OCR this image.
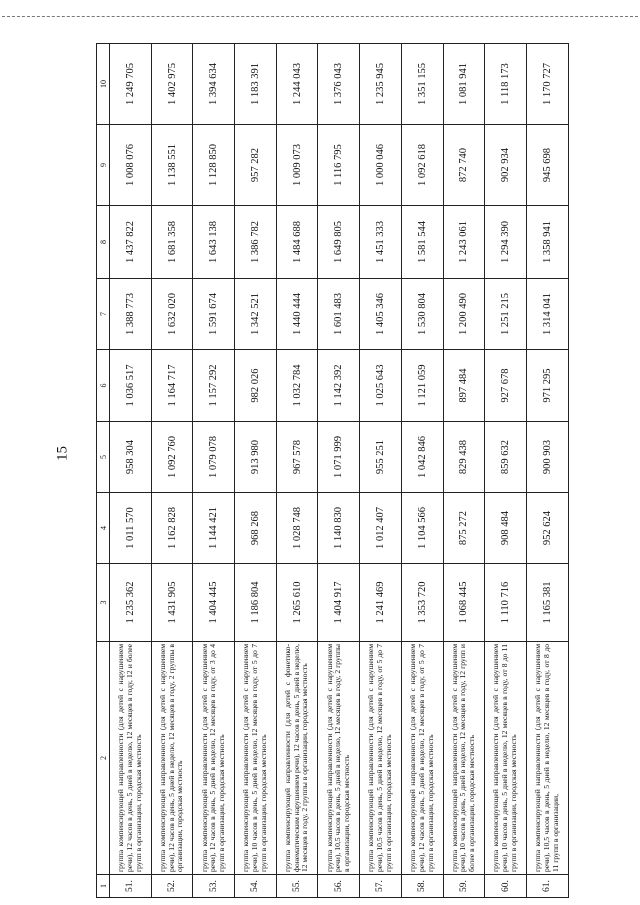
15
1	2	3	4	5	6	7	8	9	10
51.	группа компенсирующей направленности (для детей с нарушением речи), 12 часов в день, 5 дней в неделю, 12 месяцев в году, 12 и более групп в организации, городская местность	1 235 362	1 011 570	958 304	1 036 517	1 388 773	1 437 822	1 008 076	1 249 705
52.	группа компенсирующей направленности (для детей с нарушением речи), 12 часов в день, 5 дней в неделю, 12 месяцев в году, 2 группы в организации, городская местность	1 431 905	1 162 828	1 092 760	1 164 717	1 632 020	1 681 358	1 138 551	1 402 975
53.	группа компенсирующей направленности (для детей с нарушением речи), 12 часов в день, 5 дней в неделю, 12 месяцев в году, от 3 до 4 групп в организации, городская местность	1 404 445	1 144 421	1 079 078	1 157 292	1 591 674	1 643 138	1 128 850	1 394 634
54.	группа компенсирующей направленности (для детей с нарушением речи), 10 часов в день, 5 дней в неделю, 12 месяцев в году, от 5 до 7 групп в организации, городская местность	1 186 804	968 268	913 980	982 026	1 342 521	1 386 782	957 282	1 183 391
55.	группа компенсирующей направленности (для детей с фонетико-фонематическим нарушением речи), 12 часов в день, 5 дней в неделю, 12 месяцев в году, 2 группы в организации, городская местность	1 265 610	1 028 748	967 578	1 032 784	1 440 444	1 484 688	1 009 073	1 244 043
56.	группа компенсирующей направленности (для детей с нарушением речи), 10,5 часов в день, 5 дней в неделю, 12 месяцев в году, 2 группы в организации, городская местность	1 404 917	1 140 830	1 071 999	1 142 392	1 601 483	1 649 805	1 116 795	1 376 043
57.	группа компенсирующей направленности (для детей с нарушением речи), 10,5 часов в день, 5 дней в неделю, 12 месяцев в году, от 5 до 7 групп в организации, городская местность	1 241 469	1 012 407	955 251	1 025 643	1 405 346	1 451 333	1 000 046	1 235 945
58.	группа компенсирующей направленности (для детей с нарушением речи), 12 часов в день, 5 дней в неделю, 12 месяцев в году, от 5 до 7 групп в организации, городская местность	1 353 720	1 104 566	1 042 846	1 121 059	1 530 804	1 581 544	1 092 618	1 351 155
59.	группа компенсирующей направленности (для детей с нарушением речи), 10 часов в день, 5 дней в неделю, 12 месяцев в году, 12 групп и более в организации, городская местность	1 068 445	875 272	829 438	897 484	1 200 490	1 243 061	872 740	1 081 941
60.	группа компенсирующей направленности (для детей с нарушением речи), 10 часов в день, 5 дней в неделю, 12 месяцев в году, от 8 до 11 групп в организации, городская местность	1 110 716	908 484	859 632	927 678	1 251 215	1 294 390	902 934	1 118 173
61.	группа компенсирующей направленности (для детей с нарушением речи), 10,5 часов в день, 5 дней в неделю, 12 месяцев в году, от 8 до 11 групп в организации,	1 165 381	952 624	900 903	971 295	1 314 041	1 358 941	945 698	1 170 727
